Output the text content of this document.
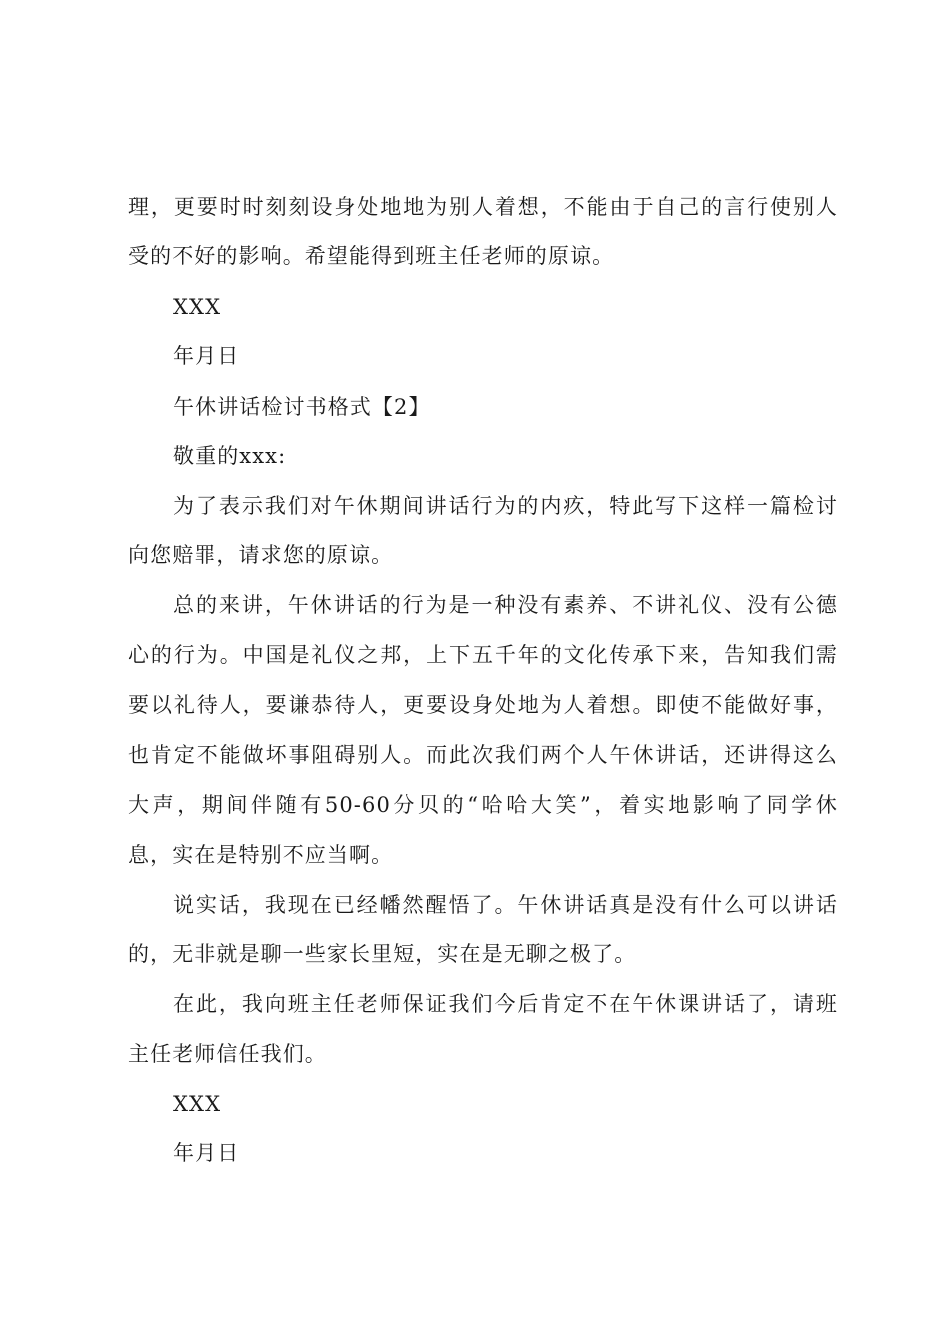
理，更要时时刻刻设身处地地为别人着想，不能由于自己的言行使别人
受的不好的影响。希望能得到班主任老师的原谅。
XXX
年月日
午休讲话检讨书格式【2】
敬重的xxx:
为了表示我们对午休期间讲话行为的内疚，特此写下这样一篇检讨
向您赔罪，请求您的原谅。
总的来讲，午休讲话的行为是一种没有素养、不讲礼仪、没有公德
心的行为。中国是礼仪之邦，上下五千年的文化传承下来，告知我们需
要以礼待人，要谦恭待人，更要设身处地为人着想。即使不能做好事，
也肯定不能做坏事阻碍别人。而此次我们两个人午休讲话，还讲得这么
大声，期间伴随有50-60分贝的“哈哈大笑”，着实地影响了同学休
息，实在是特别不应当啊。
说实话，我现在已经幡然醒悟了。午休讲话真是没有什么可以讲话
的，无非就是聊一些家长里短，实在是无聊之极了。
在此，我向班主任老师保证我们今后肯定不在午休课讲话了，请班
主任老师信任我们。
XXX
年月日
